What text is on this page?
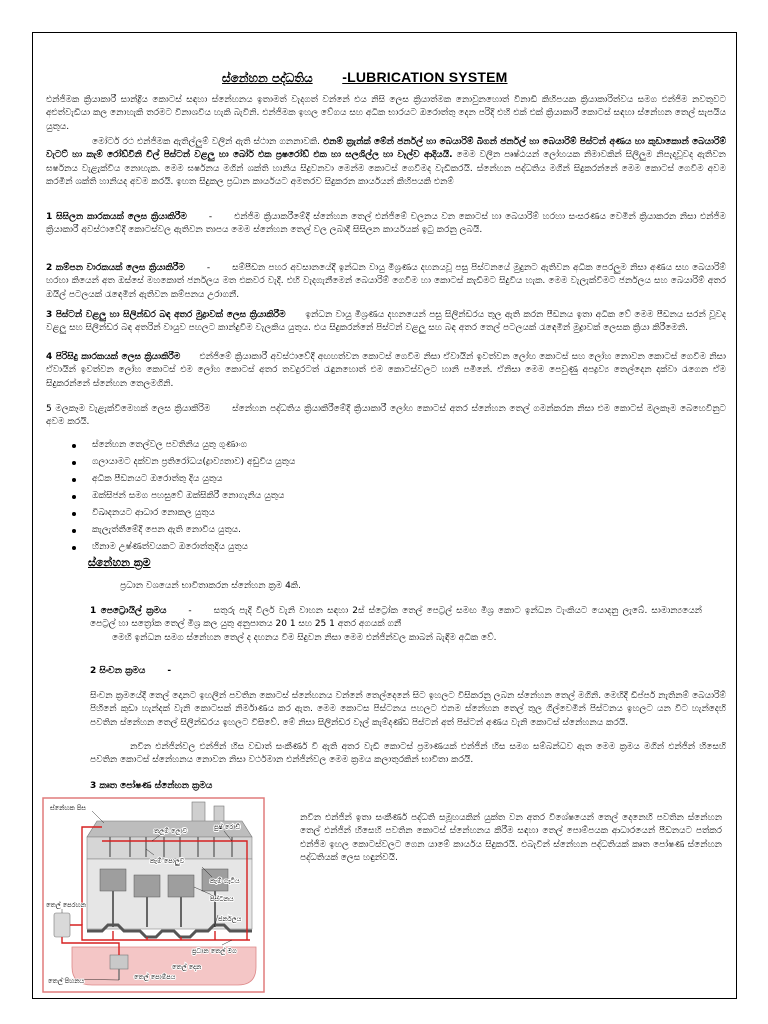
ස්නේහන පද්ධතිය -LUBRICATION SYSTEM

එන්ජිමක ක්‍රියාකාරී සාන්ද්‍රීය කොටස් සඳහා ස්නේහනය ඉතාමත් වැදගත් වන්නේ එය නිසි ලෙස ක්‍රියාත්මක නොවුනහොත් විනාඩි කිහිපයක ක්‍රියාකාරිත්වය සමග එන්ජිම නවතුවට අළුත්වැඩියා කල නොහැකි තරමට විනාශවිය හැකි බැවිනි. එන්ජිමක ඉහල වේගය සහ අධික භාරයට ඔරොත්තු දෙන පරිදි එහි එක් එක් ක්‍රියාකාරී කොටස් සඳහා ස්නේහන තෙල් සැපයිය යුතුය.

මෝටර් රථ එන්ජිමක ඇතිල්ලුම් වලින් ඇති ස්ථාන ගනනාවකි. එනම් ක්‍රැන්ක් මේන් ජර්නල් හා බෙයාරිම් බිගන් ජර්නල් හා බෙයාරිම් පිස්ටන් අණය හා කුඩාකොන් බෙයාරිම් වැටට් හා කැම් රෝඩ්වීනි චිල් පිස්ටන් වළලු හා බෝර් එක ප්‍රෂරෝඩ් එක හා සලශිල්ල හා වෑල්ව ආදියයි. මෙම වලින පෘෂ්ඨයන් ලෝහයක නිමාවකින් සිලිලුම නිපැදවූවද ඇතිවන ඝර්ෂනය වැළැක්විය නොහැක. මෙම ඝර්ෂනය මගින් ශක්ති හානිය සිදුවනවා මෙන්ම කොටස් ගෙවීමද වැඩිකරයි. ස්නේහන පද්ධතිය මගින් සිදුකරන්නේ මෙම කොටස් ගෙවීම අවම කරමින් ශක්ති හානියද අවම කරයි. ඉහත සිදුකල ප්‍රධාන කාර්යයට අමතරව සිදුකරන කාර්යයන් කිහිපයකි එනම්

1 සිසිලන කාරකයක් ලෙස ක්‍රියාකිරීම - එන්ජිම ක්‍රියාකරීමේදී ස්නේහන තෙල් එන්ජිමේ චලනය වන කොටස් හා බෙයාරිම් හරහා සංසරණය වෙමින් ක්‍රියාකරන නිසා එන්ජිම ක්‍රියාකාරී අවස්ථාවේදී කොටස්වල ඇතිවන තාපය මෙම ස්නේහන තෙල් වල ලබාදී සිසිලන කාර්යයක් ඉටු කරනු ලබයි.

2 කම්පන වාරකයක් ලෙස ක්‍රියාකිරීම - සම්පීඩන පහර අවසානයේදී ඉන්ධන වායු මිශ්‍රණය දහනයවූ පසු පිස්ටනයේ මුදුනට ඇතිවන අධික පෙරලුම නිසා අණය සහ බෙයාරිම් හරහා කියෙන් අත ඔස්සේ මහකොත් ජර්නලය මත එකවර වැදී. එහි වැදගැනීමෙන් බෙයාරිම් ගෙවීම හා කොටස් කැඩීමට සිදුවිය හැක. මෙම වැලැක්වීමට ජර්නලය සහ බෙයාරිම් අතර ඔයිල් පටලයක් රැඳෙමින් ඇතිවන කම්පනය උරාගනී.

3 පිස්ටන් වළලු හා සිලින්ඩර බඳ අතර මුද්‍රාවක් ලෙස ක්‍රියාකිරීම ඉන්ධන වායු මිශ්‍රණය දහනයෙන් පසු සිලින්ඩරය තුල ඇති කරන පීඩනය ඉතා අධික වේ මෙම පීඩනය සරන් වූවද වළලු සහ සිලින්ඩර බඳ අතරින් වායුව පහලට කාන්දුවීම වැලකිය යුතුය. එය සිදුකරන්නේ පිස්ටන් වළලු සහ බඳ අතර තෙල් පටලයක් රැඳෙමින් මුද්‍රාවක් ලෙසක ක්‍රියා කිරීමෙනි.

4 පිරිසිදු කාරකයක් ලෙස ක්‍රියාකිරීම එන්ජිමේ ක්‍රියාකාරී අවස්ථාවේදී අඟහත්වන කොටස් ගෙවීම නිසා ඒවායින් ඉවත්වන ලෝහ කොටස් සහ ලෝහ නොවන කොටස් ගෙවීම නිසා ඒවායින් ඉවත්වන ලෝහ කොටස් එම ලෝහ කොටස් අතර තවදුරටත් රැඳුනහොත් එම කොටස්වලට හානි පමිනේ. ඒනිසා මෙම පෙවුණු අපද්‍රව්‍ය තෙල්දෙන දක්වා රැගෙන ඒම සිදුකරන්නේ ස්නේහන තෙලමගිනි.

5 මලකෑම වැළැක්වීමෙහක් ලෙස ක්‍රියාකිරිම ස්නේහන පද්ධතිය ක්‍රියාකිරීමේදී ක්‍රියාකාරී ලෝහ කොටස් අතර ස්නේහන තෙල් ගමන්කරන නිසා එම කොටස් මලකෑම බෙහෙවිනුට අවම කරයි.

ස්නේහන තෙල්වල පවතිනිය යුතු ගුණාංග
ගලායාමට දක්වන ප්‍රතිරෝධය(ද්‍රාව්‍යතාව) අඩුවිය යුතුය
අධික පීඩනයට ඔරොත්තු දිය යුතුය
ඔක්සිජන් සමග පහසුවේ ඔක්සිකිරී නොගැනිය යුතුය
විඛාදනයට ආධාර නොකල යුතුය
කැලැත්තීමේදී පෙන ඇති නොවිය යුතුය.
හිනාම උෂ්ණත්වයකට ඔරොත්තුදිය යුතුය
ස්නේහන ක්‍රම
ප්‍රධාන වශයෙන් භාවිතාකරන ස්නේහන ක්‍රම 4කි.

1 පෙට්‍රොයිල් ක්‍රමය - සතුරු පැදි වීලර් වැනි වාහන සඳහා 2ස් ස්ට්‍රෝක තෙල් පෙට්‍රල් සමඟ මිශ්‍ර කොට ඉන්ධන ටැංකියට යොදනු ලැබේ. සාමාන්‍යයෙන් පෙට්‍රල් හා සත්‍රෝක තෙල් මිශ්‍ර කල යුතු අනුපාතය 20 1 සහ 25 1 අතර අගයක් ගනී

මෙහි ඉන්ධන සමග ස්නේහන තෙල් ද දහනය වීම සිදුවන නිසා මෙම එන්ජින්වල කාබන් බැඳීම අධික වේ.

2 සිංචන ක්‍රමය -

සිංචන ක්‍රමයේදී තෙල් දොනට ඉහලින් පවතින කොටස් ස්නේහනය වන්නේ තෙල්දෙනේ සිට ඉහලට විසිකරනු ලබන ස්නේහන තෙල් මගිනි. මෙහිදී ඩිප්පර් නැතිනම් බෙයාරිම් පිහිනේ කුඩා හැන්දක් වැනි කොටසක් නිර්මාණය කර ඇත. මෙම කොටස පිස්ටනය පහලට එනම ස්නේහන තෙල් තුල ගිල්වෙමින් පිස්ටනය ඉහලට යන විට හැන්දෙහි පවතින ස්නේහන තෙල් සිලින්ඩරය ඉහලට විසිවේ. මේ නිසා සිලින්ඩර වෑල් කැම්දණ්ඩ පිස්ටන් අත් පිස්ටන් අණය වැනි කොටස් ස්නේහනය කරයි.

නවීන එන්ජින්වල එන්ජින් හිස වඩාත් සංකීර්ණ වී ඇති අතර වැඩි කොටස් ප්‍රමාණයක් එන්ජින් හිස සමග සම්බන්ධව ඇත මෙම ක්‍රමය මගින් එන්ජින් හිසෙහි පවතින කොටස් ස්නේහනය නොවන නිසා වර්ථමාන එන්ජින්වල මෙම ක්‍රමය කලාතුරකින් භාවිතා කරයි.

3 කෘත පෝෂණ ස්නේහන ක්‍රමය
ස්නේහක පිස
තලම් ලොව	පුෂ් රොඩ්
කැම් පොලුව
කැම් ගැටිය
පිස්ටනය
ජර්නලය
ප්‍රධාන තෙල් මග
තෙල් පෙරහන
තෙල් දෙන
තෙල් පිහනය	තෙල් පොම්පය

නවීන එන්ජින් ඉතා සංකීර්ණ පද්ධති සමූහයකින් යුක්ත වන අතර විශේෂයෙන් තෙල් දෙනෙහි පවතින ස්නේහන තෙල් එන්ජින් හිසෙහි පවතින කොටස් ස්නේහනය කිරීම සඳහා තෙල් පොම්පයක ආධාරයෙන් පීඩනයට පත්කර එන්ජිම ඉහල කොටස්වලට ගෙන යාමේ කාර්යය සිදුකරයි. එබැවින් ස්නේහන පද්ධතියක් කෘත පෝෂණ ස්නේහන පද්ධතියක් ලෙස හඳුන්වයි.
